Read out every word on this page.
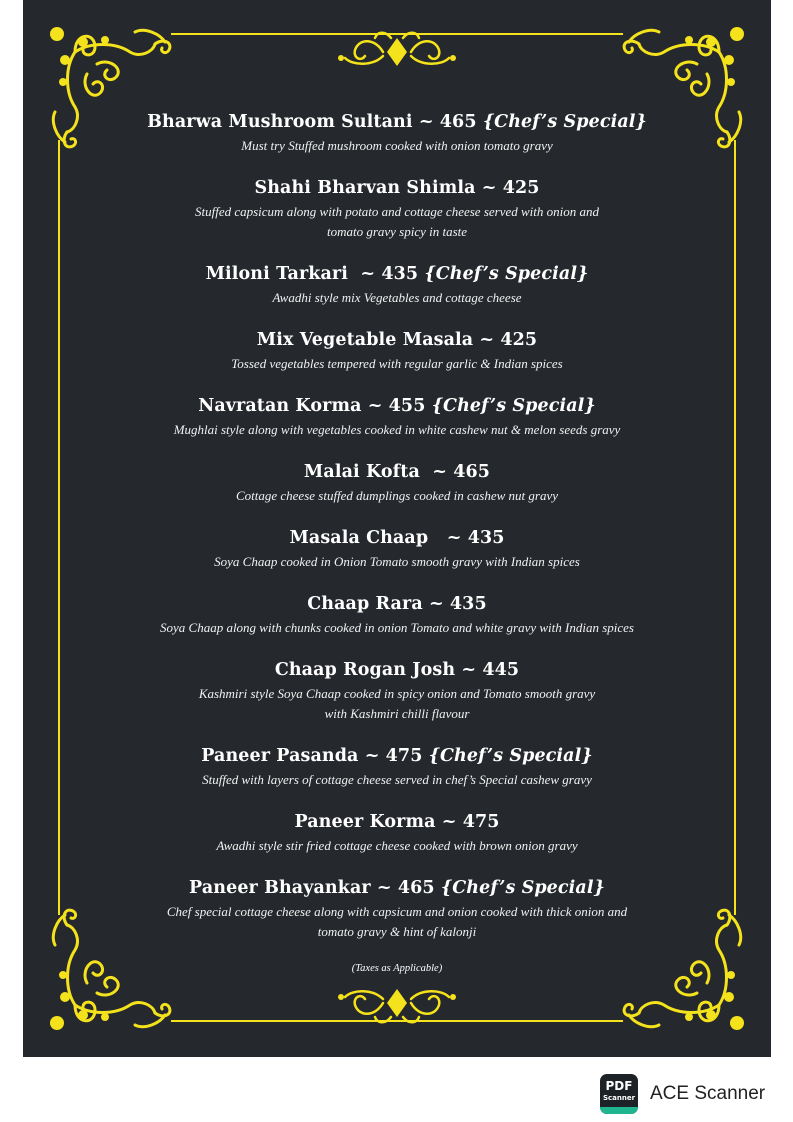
Bharwa Mushroom Sultani ~ 465 {Chef’s Special}
Must try Stuffed mushroom cooked with onion tomato gravy
Shahi Bharvan Shimla ~ 425
Stuffed capsicum along with potato and cottage cheese served with onion and
tomato gravy spicy in taste
Miloni Tarkari  ~ 435 {Chef’s Special}
Awadhi style mix Vegetables and cottage cheese
Mix Vegetable Masala ~ 425
Tossed vegetables tempered with regular garlic & Indian spices
Navratan Korma ~ 455 {Chef’s Special}
Mughlai style along with vegetables cooked in white cashew nut & melon seeds gravy
Malai Kofta  ~ 465
Cottage cheese stuffed dumplings cooked in cashew nut gravy
Masala Chaap   ~ 435
Soya Chaap cooked in Onion Tomato smooth gravy with Indian spices
Chaap Rara ~ 435
Soya Chaap along with chunks cooked in onion Tomato and white gravy with Indian spices
Chaap Rogan Josh ~ 445
Kashmiri style Soya Chaap cooked in spicy onion and Tomato smooth gravy
with Kashmiri chilli flavour
Paneer Pasanda ~ 475 {Chef’s Special}
Stuffed with layers of cottage cheese served in chef’s Special cashew gravy
Paneer Korma ~ 475
Awadhi style stir fried cottage cheese cooked with brown onion gravy
Paneer Bhayankar ~ 465 {Chef’s Special}
Chef special cottage cheese along with capsicum and onion cooked with thick onion and
tomato gravy & hint of kalonji
(Taxes as Applicable)
PDF
Scanner ACE Scanner
